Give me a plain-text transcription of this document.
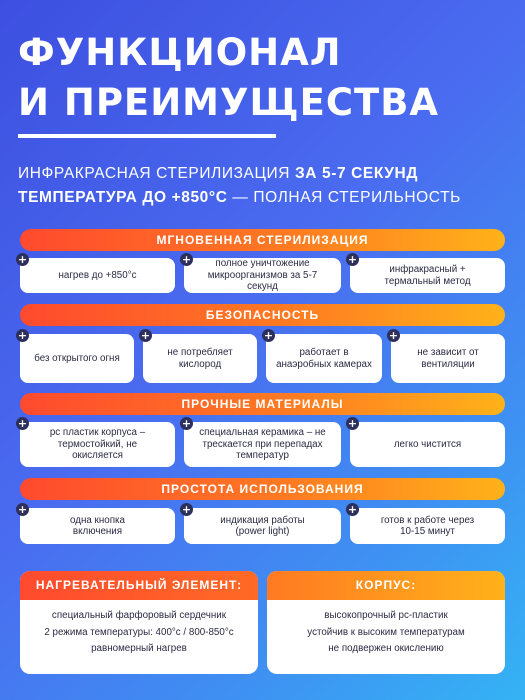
ФУНКЦИОНАЛ
И ПРЕИМУЩЕСТВА
ИНФРАКРАСНАЯ СТЕРИЛИЗАЦИЯ ЗА 5-7 СЕКУНД
ТЕМПЕРАТУРА ДО +850°С — ПОЛНАЯ СТЕРИЛЬНОСТЬ
МГНОВЕННАЯ СТЕРИЛИЗАЦИЯ
+
нагрев до +850°с
+	полное уничтожение микроорганизмов за 5-7 секунд
+
инфракрасный + термальный метод
БЕЗОПАСНОСТЬ
+
без открытого огня
+
не потребляет кислород
+
работает в анаэробных камерах
+
не зависит от вентиляции
ПРОЧНЫЕ МАТЕРИАЛЫ
+
pc пластик корпуса – термостойкий, не окисляется
+
специальная керамика – не трескается при перепадах температур
+
легко чистится
ПРОСТОТА ИСПОЛЬЗОВАНИЯ
+
одна кнопка включения
+
индикация работы (power light)
+
готов к работе через 10-15 минут
НАГРЕВАТЕЛЬНЫЙ ЭЛЕМЕНТ:
специальный фарфоровый сердечник
2 режима температуры: 400°с / 800-850°с
равномерный нагрев
КОРПУС:
высокопрочный pc-пластик
устойчив к высоким температурам
не подвержен окислению
